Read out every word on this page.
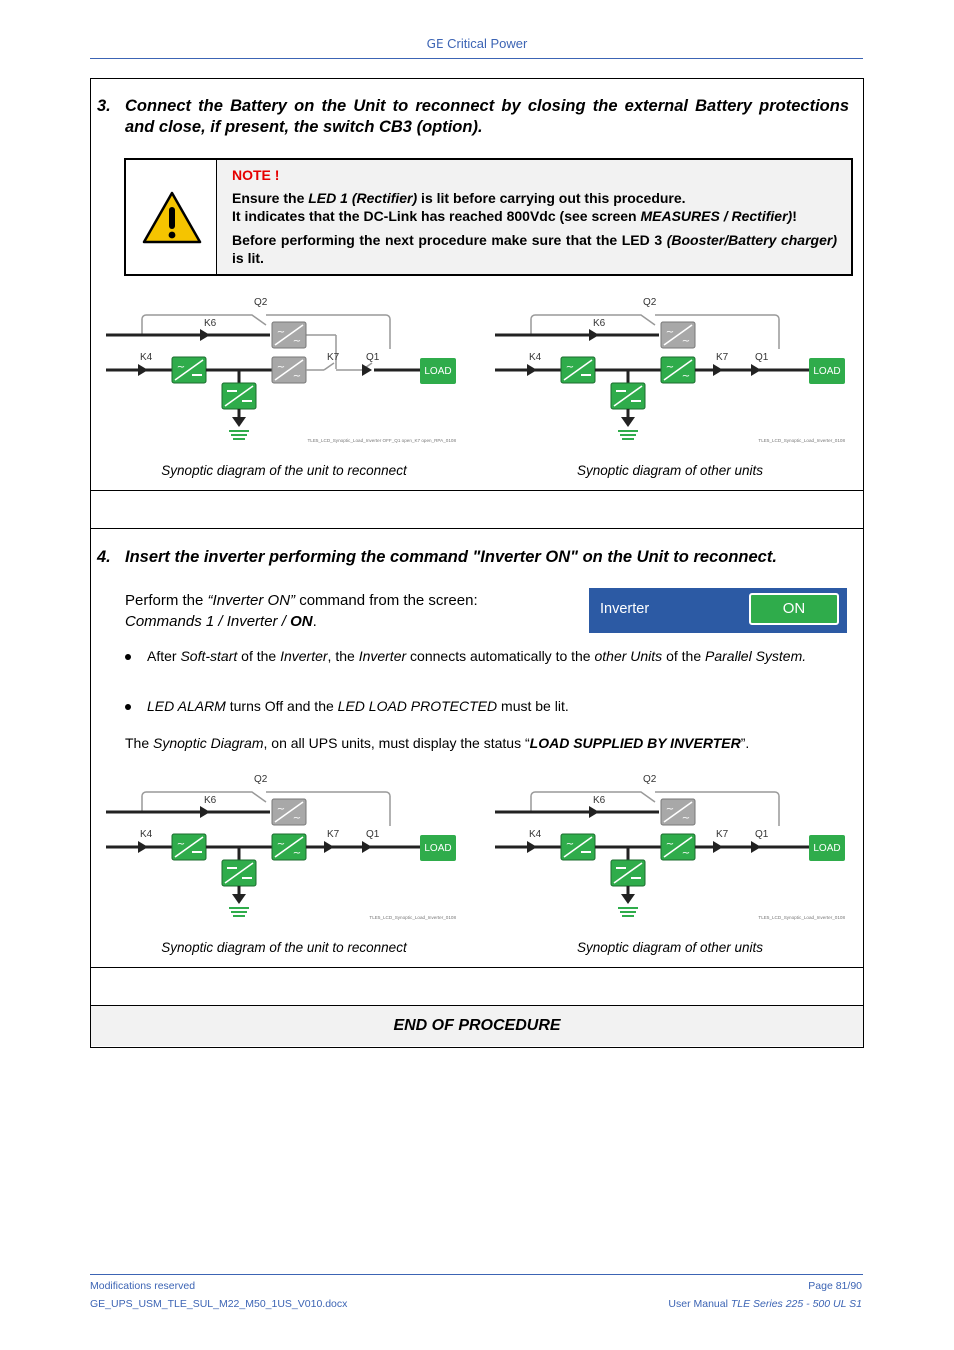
GE Critical Power
3. Connect the Battery on the Unit to reconnect by closing the external Battery protections and close, if present, the switch CB3 (option).
NOTE !
Ensure the LED 1 (Rectifier) is lit before carrying out this procedure.
It indicates that the DC-Link has reached 800Vdc (see screen MEASURES / Rectifier)!
Before performing the next procedure make sure that the LED 3 (Booster/Battery charger) is lit.
Q2
K6
K4	K7	Q1
LOAD
TLE5_LCD_Synoptic_Load_Inverter OFF_Q1 open_K7 open_RPA_0108
Q2
K6
K4	K7	Q1
LOAD
TLE5_LCD_Synoptic_Load_Inverter_0108
Synoptic diagram of the unit to reconnect	Synoptic diagram of other units
4. Insert the inverter performing the command "Inverter ON" on the Unit to reconnect.
Perform the “Inverter ON” command from the screen:
Commands 1 / Inverter / ON.
Inverter	ON
After Soft-start of the Inverter, the Inverter connects automatically to the other Units of the Parallel System.
LED ALARM turns Off and the LED LOAD PROTECTED must be lit.
The Synoptic Diagram, on all UPS units, must display the status “LOAD SUPPLIED BY INVERTER”.
Q2
K6
K4	K7	Q1
LOAD
TLE5_LCD_Synoptic_Load_Inverter_0108
Q2
K6
K4	K7	Q1
LOAD
TLE5_LCD_Synoptic_Load_Inverter_0108
Synoptic diagram of the unit to reconnect	Synoptic diagram of other units
END OF PROCEDURE
Modifications reserved
GE_UPS_USM_TLE_SUL_M22_M50_1US_V010.docx
Page 81/90
User Manual TLE Series 225 - 500 UL S1
